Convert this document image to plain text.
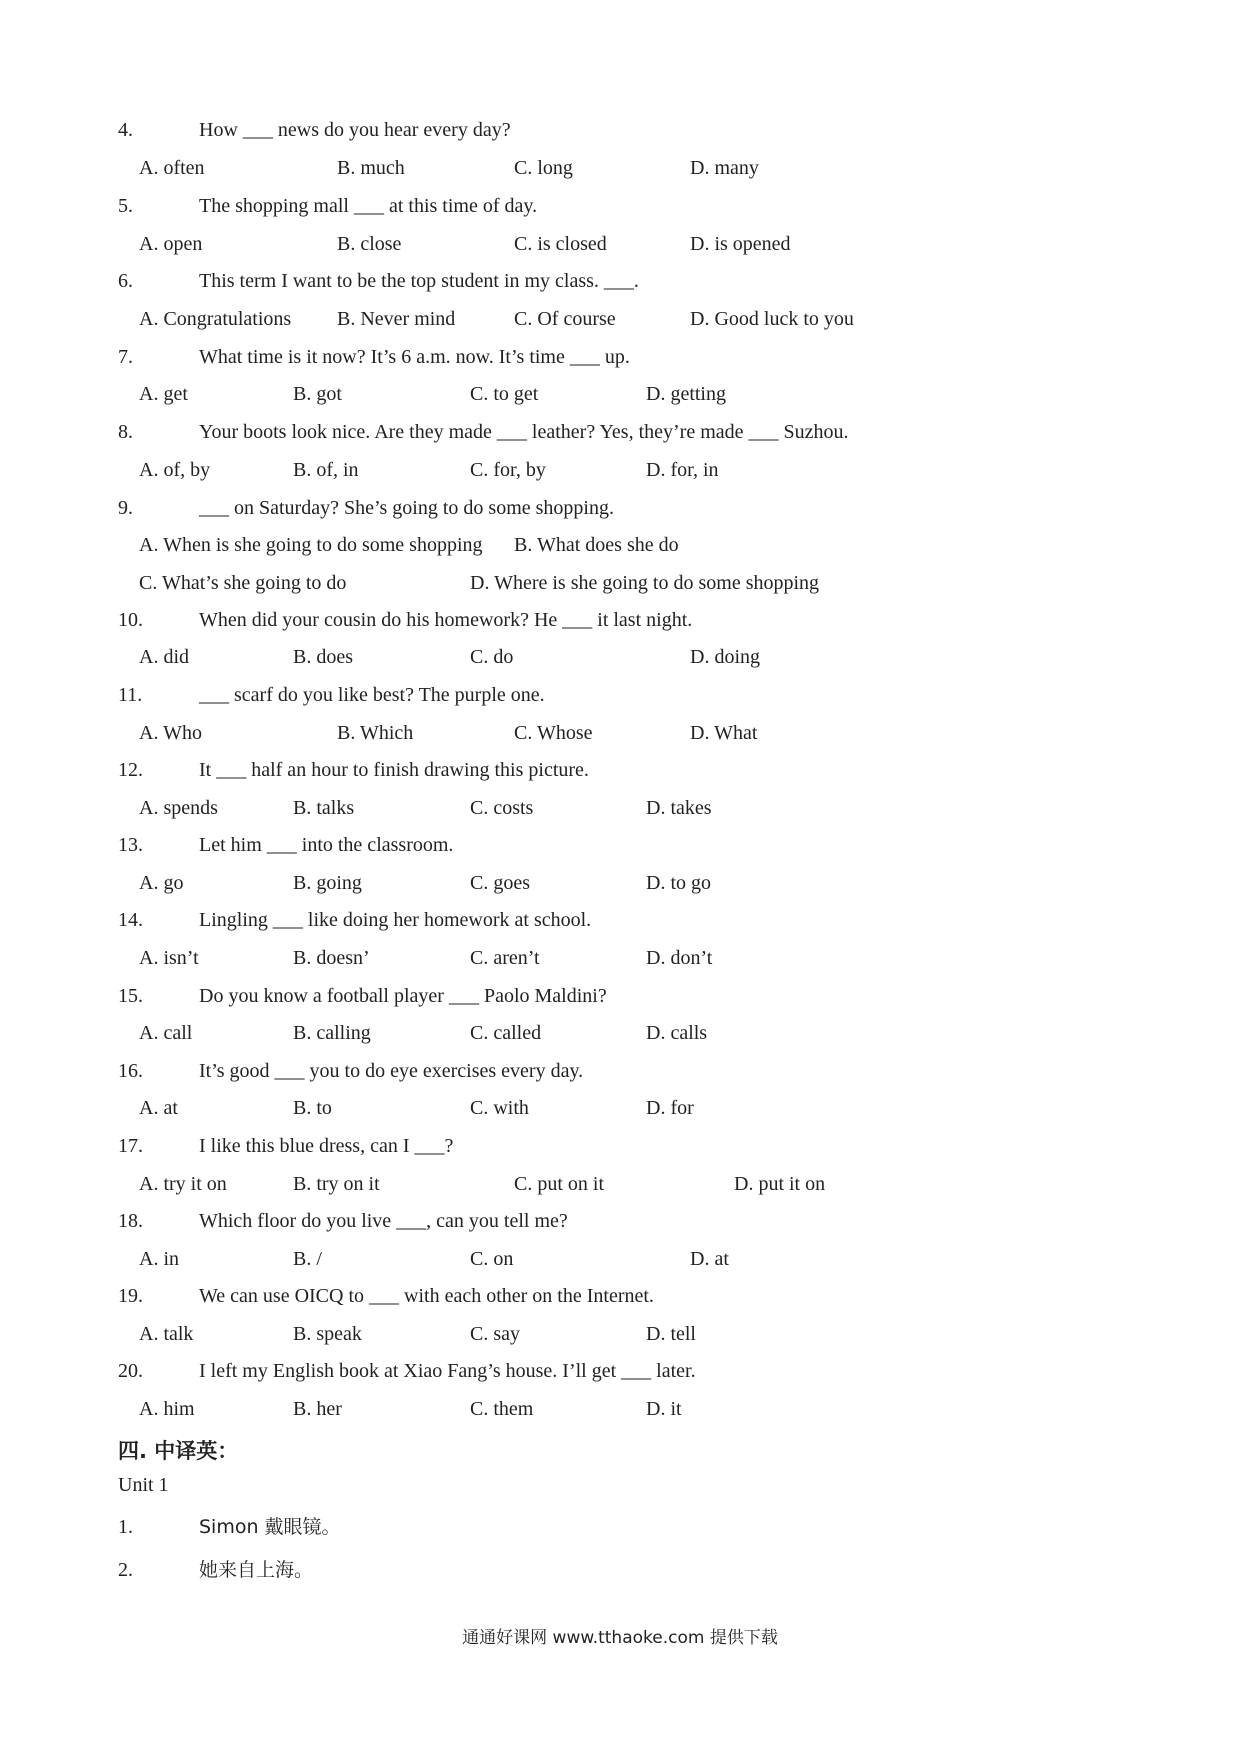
4.	How ___ news do you hear every day?
A. often	B. much	C. long	D. many
5.	The shopping mall ___ at this time of day.
A. open	B. close	C. is closed	D. is opened
6.	This term I want to be the top student in my class. ___.
A. Congratulations B. Never mind	C. Of course	D. Good luck to you
7.	What time is it now? It’s 6 a.m. now. It’s time ___ up.
A. get	B. got	C. to get	D. getting
8.	Your boots look nice. Are they made ___ leather? Yes, they’re made ___ Suzhou.
A. of, by	B. of, in	C. for, by	D. for, in
9.	___ on Saturday? She’s going to do some shopping.
A. When is she going to do some shopping B. What does she do
C. What’s she going to do	D. Where is she going to do some shopping
10.	When did your cousin do his homework? He ___ it last night.
A. did	B. does	C. do	D. doing
11.	___ scarf do you like best? The purple one.
A. Who	B. Which	C. Whose	D. What
12.	It ___ half an hour to finish drawing this picture.
A. spends	B. talks	C. costs	D. takes
13.	Let him ___ into the classroom.
A. go	B. going	C. goes	D. to go
14.	Lingling ___ like doing her homework at school.
A. isn’t	B. doesn’	C. aren’t	D. don’t
15.	Do you know a football player ___ Paolo Maldini?
A. call	B. calling	C. called	D. calls
16.	It’s good ___ you to do eye exercises every day.
A. at	B. to	C. with	D. for
17.	I like this blue dress, can I ___?
A. try it on	B. try on it	C. put on it	D. put it on
18.	Which floor do you live ___, can you tell me?
A. in	B. /	C. on	D. at
19.	We can use OICQ to ___ with each other on the Internet.
A. talk	B. speak	C. say	D. tell
20.	I left my English book at Xiao Fang’s house. I’ll get ___ later.
A. him	B. her	C. them	D. it
四. 中译英：
Unit 1
1.	Simon 戴眼镜。
2.	她来自上海。
通通好课网 www.tthaoke.com 提供下载
